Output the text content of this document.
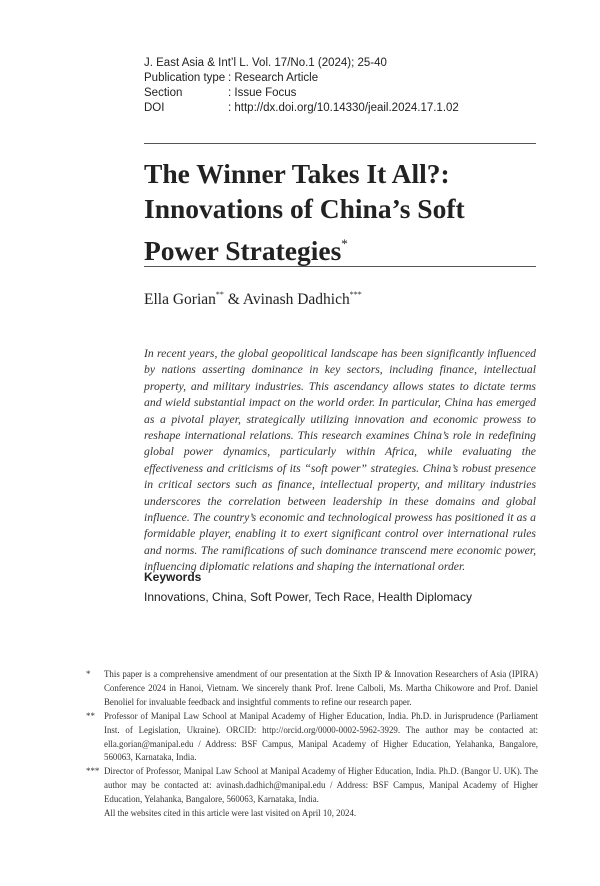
J. East Asia & Int’l L. Vol. 17/No.1 (2024); 25-40
Publication type : Research Article
Section	: Issue Focus
DOI	: http://dx.doi.org/10.14330/jeail.2024.17.1.02
The Winner Takes It All?: Innovations of China’s Soft Power Strategies*
Ella Gorian** & Avinash Dadhich***

In recent years, the global geopolitical landscape has been significantly influenced by nations asserting dominance in key sectors, including finance, intellectual property, and military industries. This ascendancy allows states to dictate terms and wield substantial impact on the world order. In particular, China has emerged as a pivotal player, strategically utilizing innovation and economic prowess to reshape international relations. This research examines China’s role in redefining global power dynamics, particularly within Africa, while evaluating the effectiveness and criticisms of its “soft power” strategies. China’s robust presence in critical sectors such as finance, intellectual property, and military industries underscores the correlation between leadership in these domains and global influence. The country’s economic and technological prowess has positioned it as a formidable player, enabling it to exert significant control over international rules and norms. The ramifications of such dominance transcend mere economic power, influencing diplomatic relations and shaping the international order.

Keywords
Innovations, China, Soft Power, Tech Race, Health Diplomacy
*	This paper is a comprehensive amendment of our presentation at the Sixth IP & Innovation Researchers of Asia (IPIRA) Conference 2024 in Hanoi, Vietnam. We sincerely thank Prof. Irene Calboli, Ms. Martha Chikowore and Prof. Daniel Benoliel for invaluable feedback and insightful comments to refine our research paper.
**	Professor of Manipal Law School at Manipal Academy of Higher Education, India. Ph.D. in Jurisprudence (Parliament Inst. of Legislation, Ukraine). ORCID: http://orcid.org/0000-0002-5962-3929. The author may be contacted at: ella.gorian@manipal.edu / Address: BSF Campus, Manipal Academy of Higher Education, Yelahanka, Bangalore, 560063, Karnataka, India.
*** Director of Professor, Manipal Law School at Manipal Academy of Higher Education, India. Ph.D. (Bangor U. UK). The author may be contacted at: avinash.dadhich@manipal.edu / Address: BSF Campus, Manipal Academy of Higher Education, Yelahanka, Bangalore, 560063, Karnataka, India.
All the websites cited in this article were last visited on April 10, 2024.
